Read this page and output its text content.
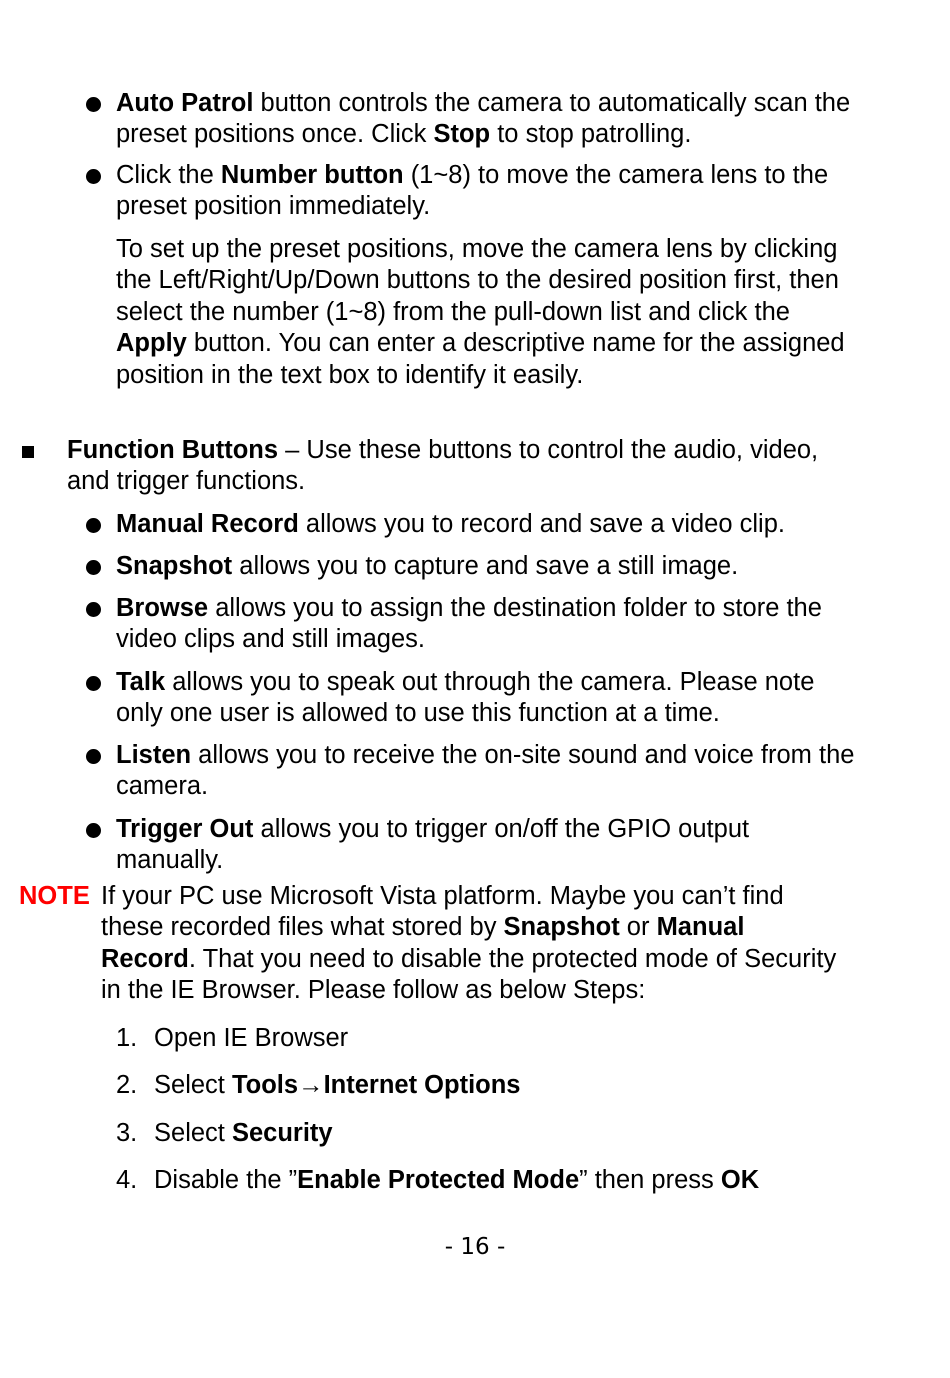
Auto Patrol button controls the camera to automatically scan the preset positions once. Click Stop to stop patrolling.

Click the Number button (1~8) to move the camera lens to the preset position immediately.

To set up the preset positions, move the camera lens by clicking the Left/Right/Up/Down buttons to the desired position first, then select the number (1~8) from the pull-down list and click the Apply button. You can enter a descriptive name for the assigned position in the text box to identify it easily.

Function Buttons – Use these buttons to control the audio, video, and trigger functions.

Manual Record allows you to record and save a video clip.

Snapshot allows you to capture and save a still image.

Browse allows you to assign the destination folder to store the video clips and still images.

Talk allows you to speak out through the camera. Please note only one user is allowed to use this function at a time.

Listen allows you to receive the on-site sound and voice from the camera.

Trigger Out allows you to trigger on/off the GPIO output manually.

NOTE If your PC use Microsoft Vista platform. Maybe you can’t find these recorded files what stored by Snapshot or Manual Record. That you need to disable the protected mode of Security in the IE Browser. Please follow as below Steps:

1. Open IE Browser

2. Select Tools→Internet Options

3. Select Security

4. Disable the ”Enable Protected Mode” then press OK

- 16 -
